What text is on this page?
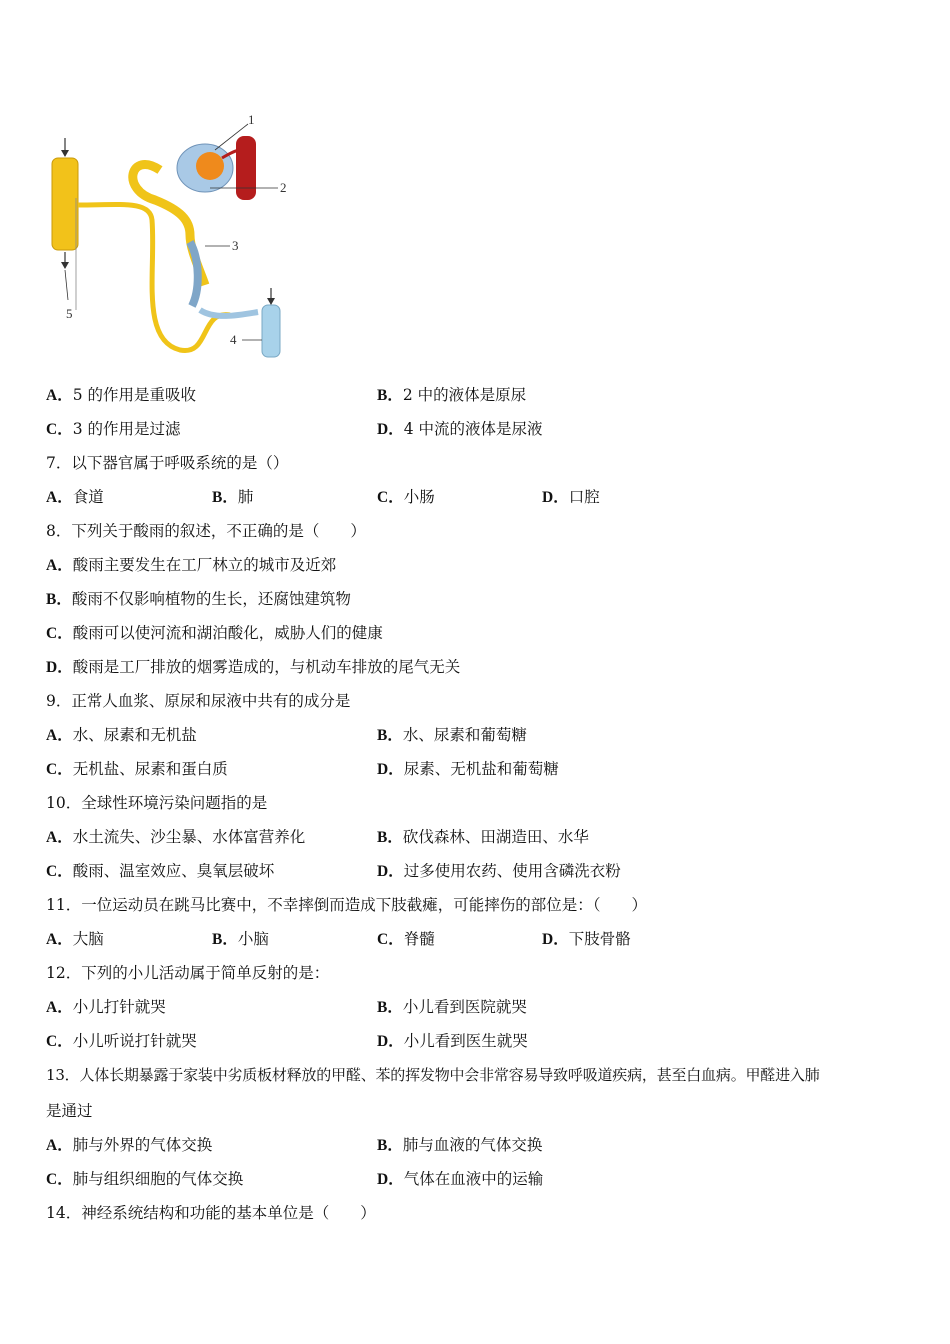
1
2
3
4
5
A．5 的作用是重吸收	B．2 中的液体是原尿
C．3 的作用是过滤	D．4 中流的液体是尿液
7．以下器官属于呼吸系统的是（）
A．食道	B．肺	C．小肠	D．口腔
8．下列关于酸雨的叙述，不正确的是（　　）
A．酸雨主要发生在工厂林立的城市及近郊
B．酸雨不仅影响植物的生长，还腐蚀建筑物
C．酸雨可以使河流和湖泊酸化，威胁人们的健康
D．酸雨是工厂排放的烟雾造成的，与机动车排放的尾气无关
9．正常人血浆、原尿和尿液中共有的成分是
A．水、尿素和无机盐	B．水、尿素和葡萄糖
C．无机盐、尿素和蛋白质	D．尿素、无机盐和葡萄糖
10．全球性环境污染问题指的是
A．水土流失、沙尘暴、水体富营养化	B．砍伐森林、田湖造田、水华
C．酸雨、温室效应、臭氧层破坏	D．过多使用农药、使用含磷洗衣粉
11．一位运动员在跳马比赛中，不幸摔倒而造成下肢截瘫，可能摔伤的部位是：（　　）
A．大脑	B．小脑	C．脊髓	D．下肢骨骼
12．下列的小儿活动属于简单反射的是：
A．小儿打针就哭	B．小儿看到医院就哭
C．小儿听说打针就哭	D．小儿看到医生就哭
13．人体长期暴露于家装中劣质板材释放的甲醛、苯的挥发物中会非常容易导致呼吸道疾病，甚至白血病。甲醛进入肺
是通过
A．肺与外界的气体交换	B．肺与血液的气体交换
C．肺与组织细胞的气体交换	D．气体在血液中的运输
14．神经系统结构和功能的基本单位是（　　）
